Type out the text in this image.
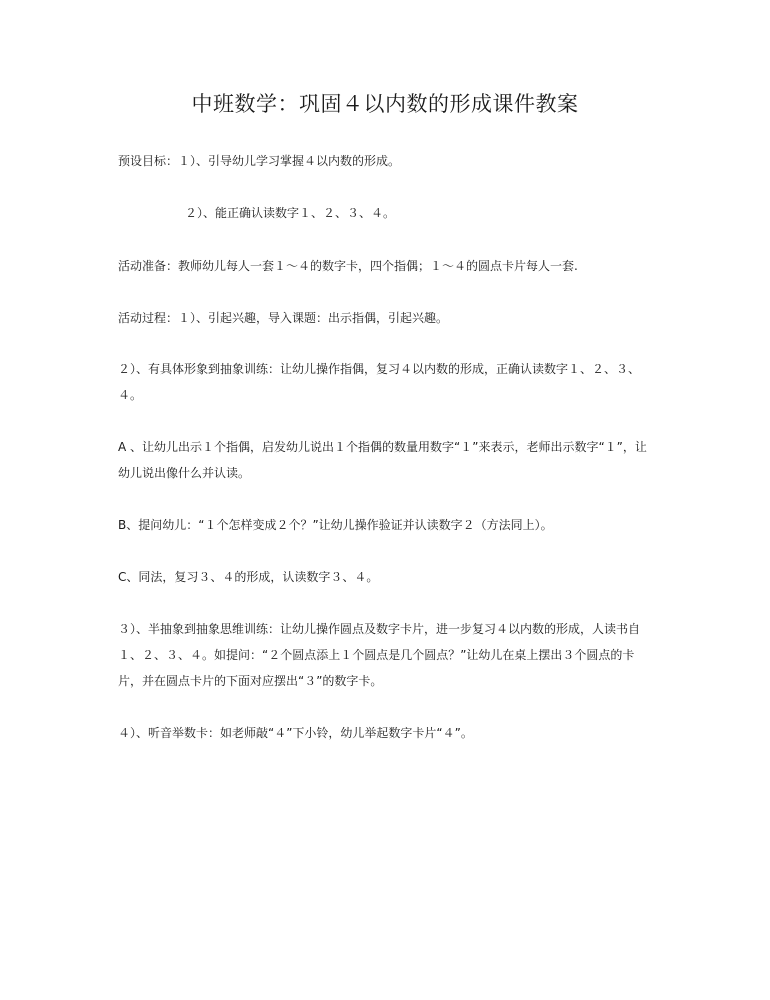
中班数学：巩固４以内数的形成课件教案
预设目标：１）、引导幼儿学习掌握４以内数的形成。
２）、能正确认读数字１、２、３、４。
活动准备：教师幼儿每人一套１～４的数字卡，四个指偶；１～４的圆点卡片每人一套.
活动过程：１）、引起兴趣，导入课题：出示指偶，引起兴趣。
２）、有具体形象到抽象训练：让幼儿操作指偶，复习４以内数的形成，正确认读数字１、２、３、４。
A 、让幼儿出示１个指偶，启发幼儿说出１个指偶的数量用数字“１”来表示，老师出示数字“１”，让幼儿说出像什么并认读。
B、提问幼儿：“１个怎样变成２个？”让幼儿操作验证并认读数字２（方法同上）。
C、同法，复习３、４的形成，认读数字３、４。
３）、半抽象到抽象思维训练：让幼儿操作圆点及数字卡片，进一步复习４以内数的形成，人读书自１、２、３、４。如提问：“２个圆点添上１个圆点是几个圆点？”让幼儿在桌上摆出３个圆点的卡片，并在圆点卡片的下面对应摆出“３”的数字卡。
４）、听音举数卡：如老师敲“４”下小铃，幼儿举起数字卡片“４”。
